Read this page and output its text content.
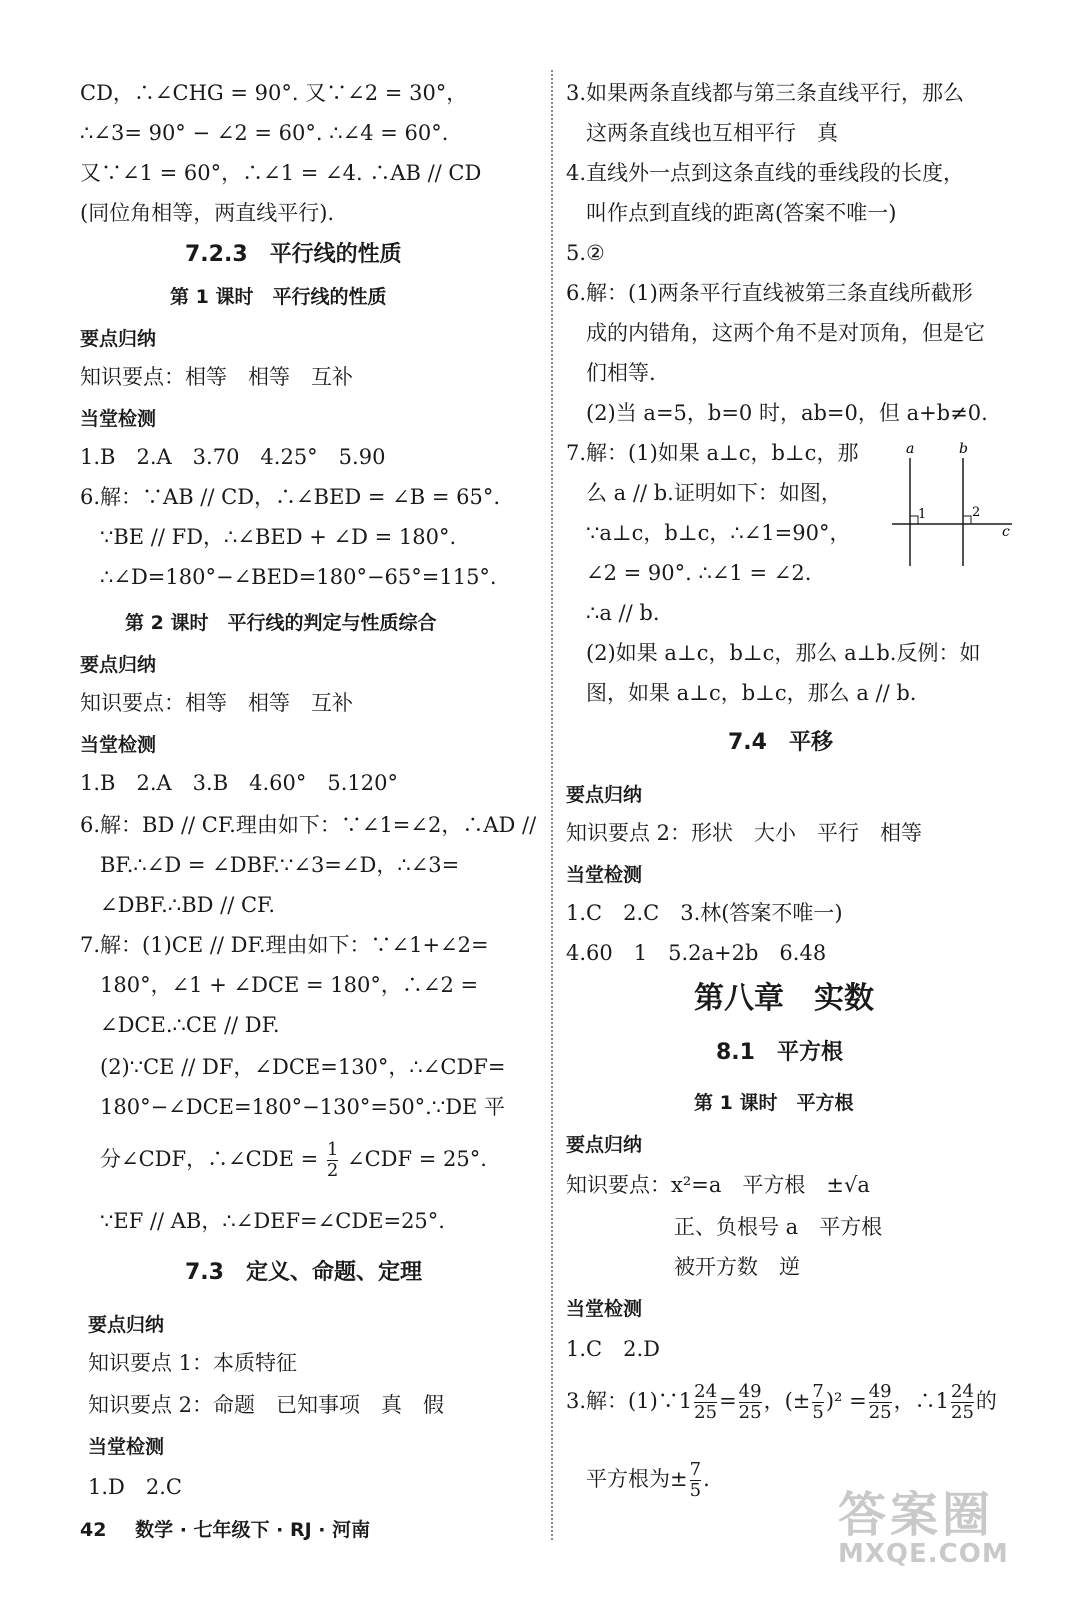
CD，∴∠CHG = 90°. 又∵∠2 = 30°，
∴∠3= 90° − ∠2 = 60°. ∴∠4 = 60°.
又∵∠1 = 60°，∴∠1 = ∠4. ∴AB // CD
(同位角相等，两直线平行).
7.2.3　平行线的性质
第 1 课时　平行线的性质
要点归纳
知识要点：相等　相等　互补
当堂检测
1.B　2.A　3.70　4.25°　5.90
6.解：∵AB // CD，∴∠BED = ∠B = 65°.
∵BE // FD，∴∠BED + ∠D = 180°.
∴∠D=180°−∠BED=180°−65°=115°.
第 2 课时　平行线的判定与性质综合
要点归纳
知识要点：相等　相等　互补
当堂检测
1.B　2.A　3.B　4.60°　5.120°
6.解：BD // CF.理由如下：∵∠1=∠2，∴AD //
BF.∴∠D = ∠DBF.∵∠3=∠D，∴∠3=
∠DBF.∴BD // CF.
7.解：(1)CE // DF.理由如下：∵∠1+∠2=
180°，∠1 + ∠DCE = 180°，∴∠2 =
∠DCE.∴CE // DF.
(2)∵CE // DF，∠DCE=130°，∴∠CDF=
180°−∠DCE=180°−130°=50°.∵DE 平
分∠CDF，∴∠CDE = $\frac{1}{2}$ ∠CDF = 25°.
∵EF // AB，∴∠DEF=∠CDE=25°.
7.3　定义、命题、定理
要点归纳
知识要点 1：本质特征
知识要点 2：命题　已知事项　真　假
当堂检测
1.D　2.C
3.如果两条直线都与第三条直线平行，那么
这两条直线也互相平行　真
4.直线外一点到这条直线的垂线段的长度，
叫作点到直线的距离(答案不唯一)
5.②
6.解：(1)两条平行直线被第三条直线所截形
成的内错角，这两个角不是对顶角，但是它
们相等.
(2)当 a=5，b=0 时，ab=0，但 a+b≠0.
7.解：(1)如果 a⊥c，b⊥c，那
么 a // b.证明如下：如图，
∵a⊥c，b⊥c，∴∠1=90°，
∠2 = 90°. ∴∠1 = ∠2.
∴a // b.
(2)如果 a⊥c，b⊥c，那么 a⊥b.反例：如
图，如果 a⊥c，b⊥c，那么 a // b.
7.4　平移
要点归纳
知识要点 2：形状　大小　平行　相等
当堂检测
1.C　2.C　3.林(答案不唯一)
4.60　1　5.2a+2b　6.48
第八章　实数
8.1　平方根
第 1 课时　平方根
要点归纳
知识要点：x²=a　平方根　±√a
正、负根号 a　平方根
被开方数　逆
当堂检测
1.C　2.D
3.解：(1)∵1 $\frac{24}{25} = \frac{49}{25}$ ，(± $\frac{7}{5} )^2 = \frac{49}{25}$ ，∴1 $\frac{24}{25}$ 的
平方根为± $\frac{7}{5}$ .
a	b
c
1	2
42 数学 · 七年级下 · RJ · 河南	答案圈
MXQE.COM
